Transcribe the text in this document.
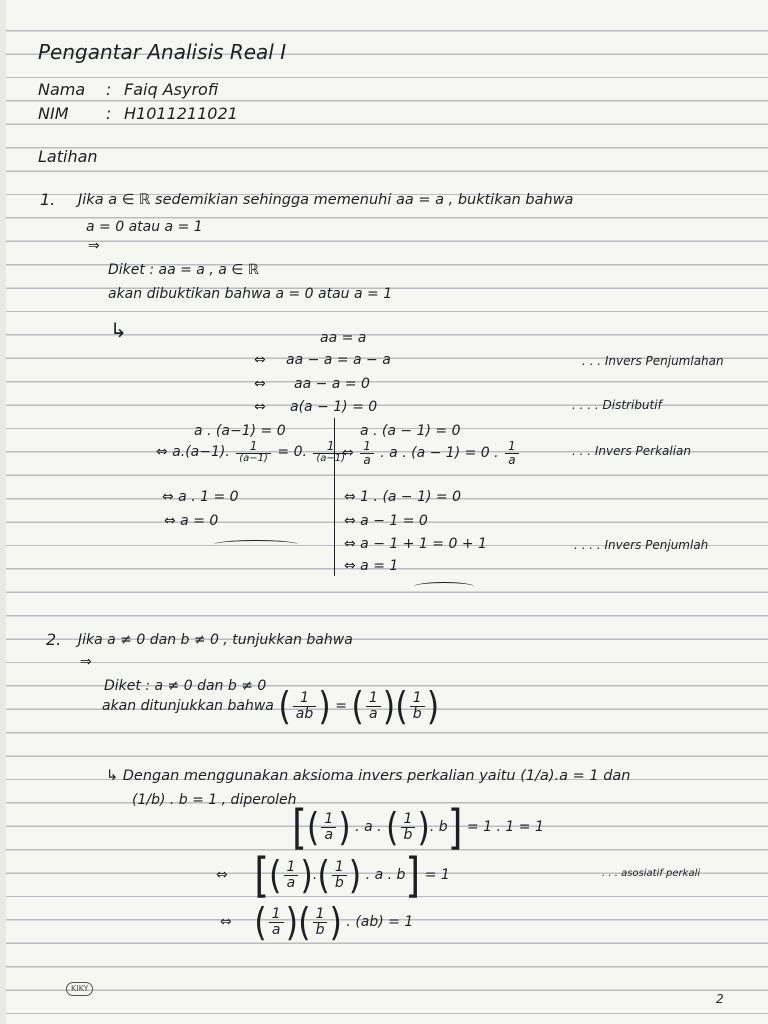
Pengantar Analisis Real I
Nama : Faiq Asyrofi
NIM : H1011211021
Latihan
1. Jika a ∈ ℝ sedemikian sehingga memenuhi aa = a , buktikan bahwa
a = 0 atau a = 1
⇒
Diket : aa = a , a ∈ ℝ
akan dibuktikan bahwa a = 0 atau a = 1
↳	aa = a
⇔ aa − a = a − a	. . . Invers Penjumlahan
⇔ aa − a = 0
⇔ a(a − 1) = 0	. . . . Distributif
a . (a−1) = 0
⇔ a.(a−1). $\frac{1}{(a-1)} = 0$. $\frac{1}{(a-1)}$
⇔ a . 1 = 0
⇔ a = 0
a . (a − 1) = 0
⇔ $\frac{1}{a}$ . a . (a − 1) = 0 . $\frac{1}{a}$	. . . Invers Perkalian
⇔ 1 . (a − 1) = 0
⇔ a − 1 = 0
⇔ a − 1 + 1 = 0 + 1	. . . . Invers Penjumlah
⇔ a = 1
2. Jika a ≠ 0 dan b ≠ 0 , tunjukkan bahwa
⇒
Diket : a ≠ 0 dan b ≠ 0
akan ditunjukkan bahwa ( $\frac{1}{ab}$ ) = ( $\frac{1}{a}$ )( $\frac{1}{b}$ )
↳ Dengan menggunakan aksioma invers perkalian yaitu (1/a).a = 1 dan
(1/b) . b = 1 , diperoleh
[( $\frac{1}{a}$ ) . a . ( $\frac{1}{b}$ ). b] = 1 . 1 = 1
⇔ [( $\frac{1}{a}$ ).( $\frac{1}{b}$ ) . a . b] = 1	. . . asosiatif perkali
⇔ ( $\frac{1}{a}$ )( $\frac{1}{b}$ ) . (ab) = 1
KIKY
2
